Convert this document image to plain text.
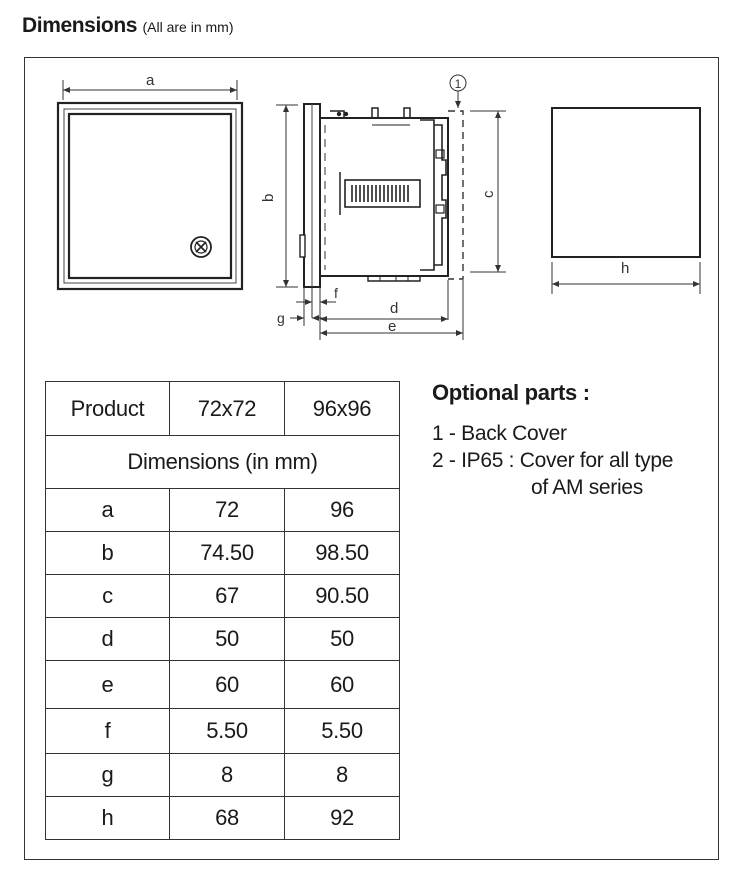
Dimensions (All are in mm)
a
b
1
c
f
g
d
e
h
Product	72x72	96x96
Dimensions (in mm)		
a	72	96
b	74.50	98.50
c	67	90.50
d	50	50
e	60	60
f	5.50	5.50
g	8	8
h	68	92
Optional parts :
1 - Back Cover
2 - IP65 : Cover for all type
of AM series
